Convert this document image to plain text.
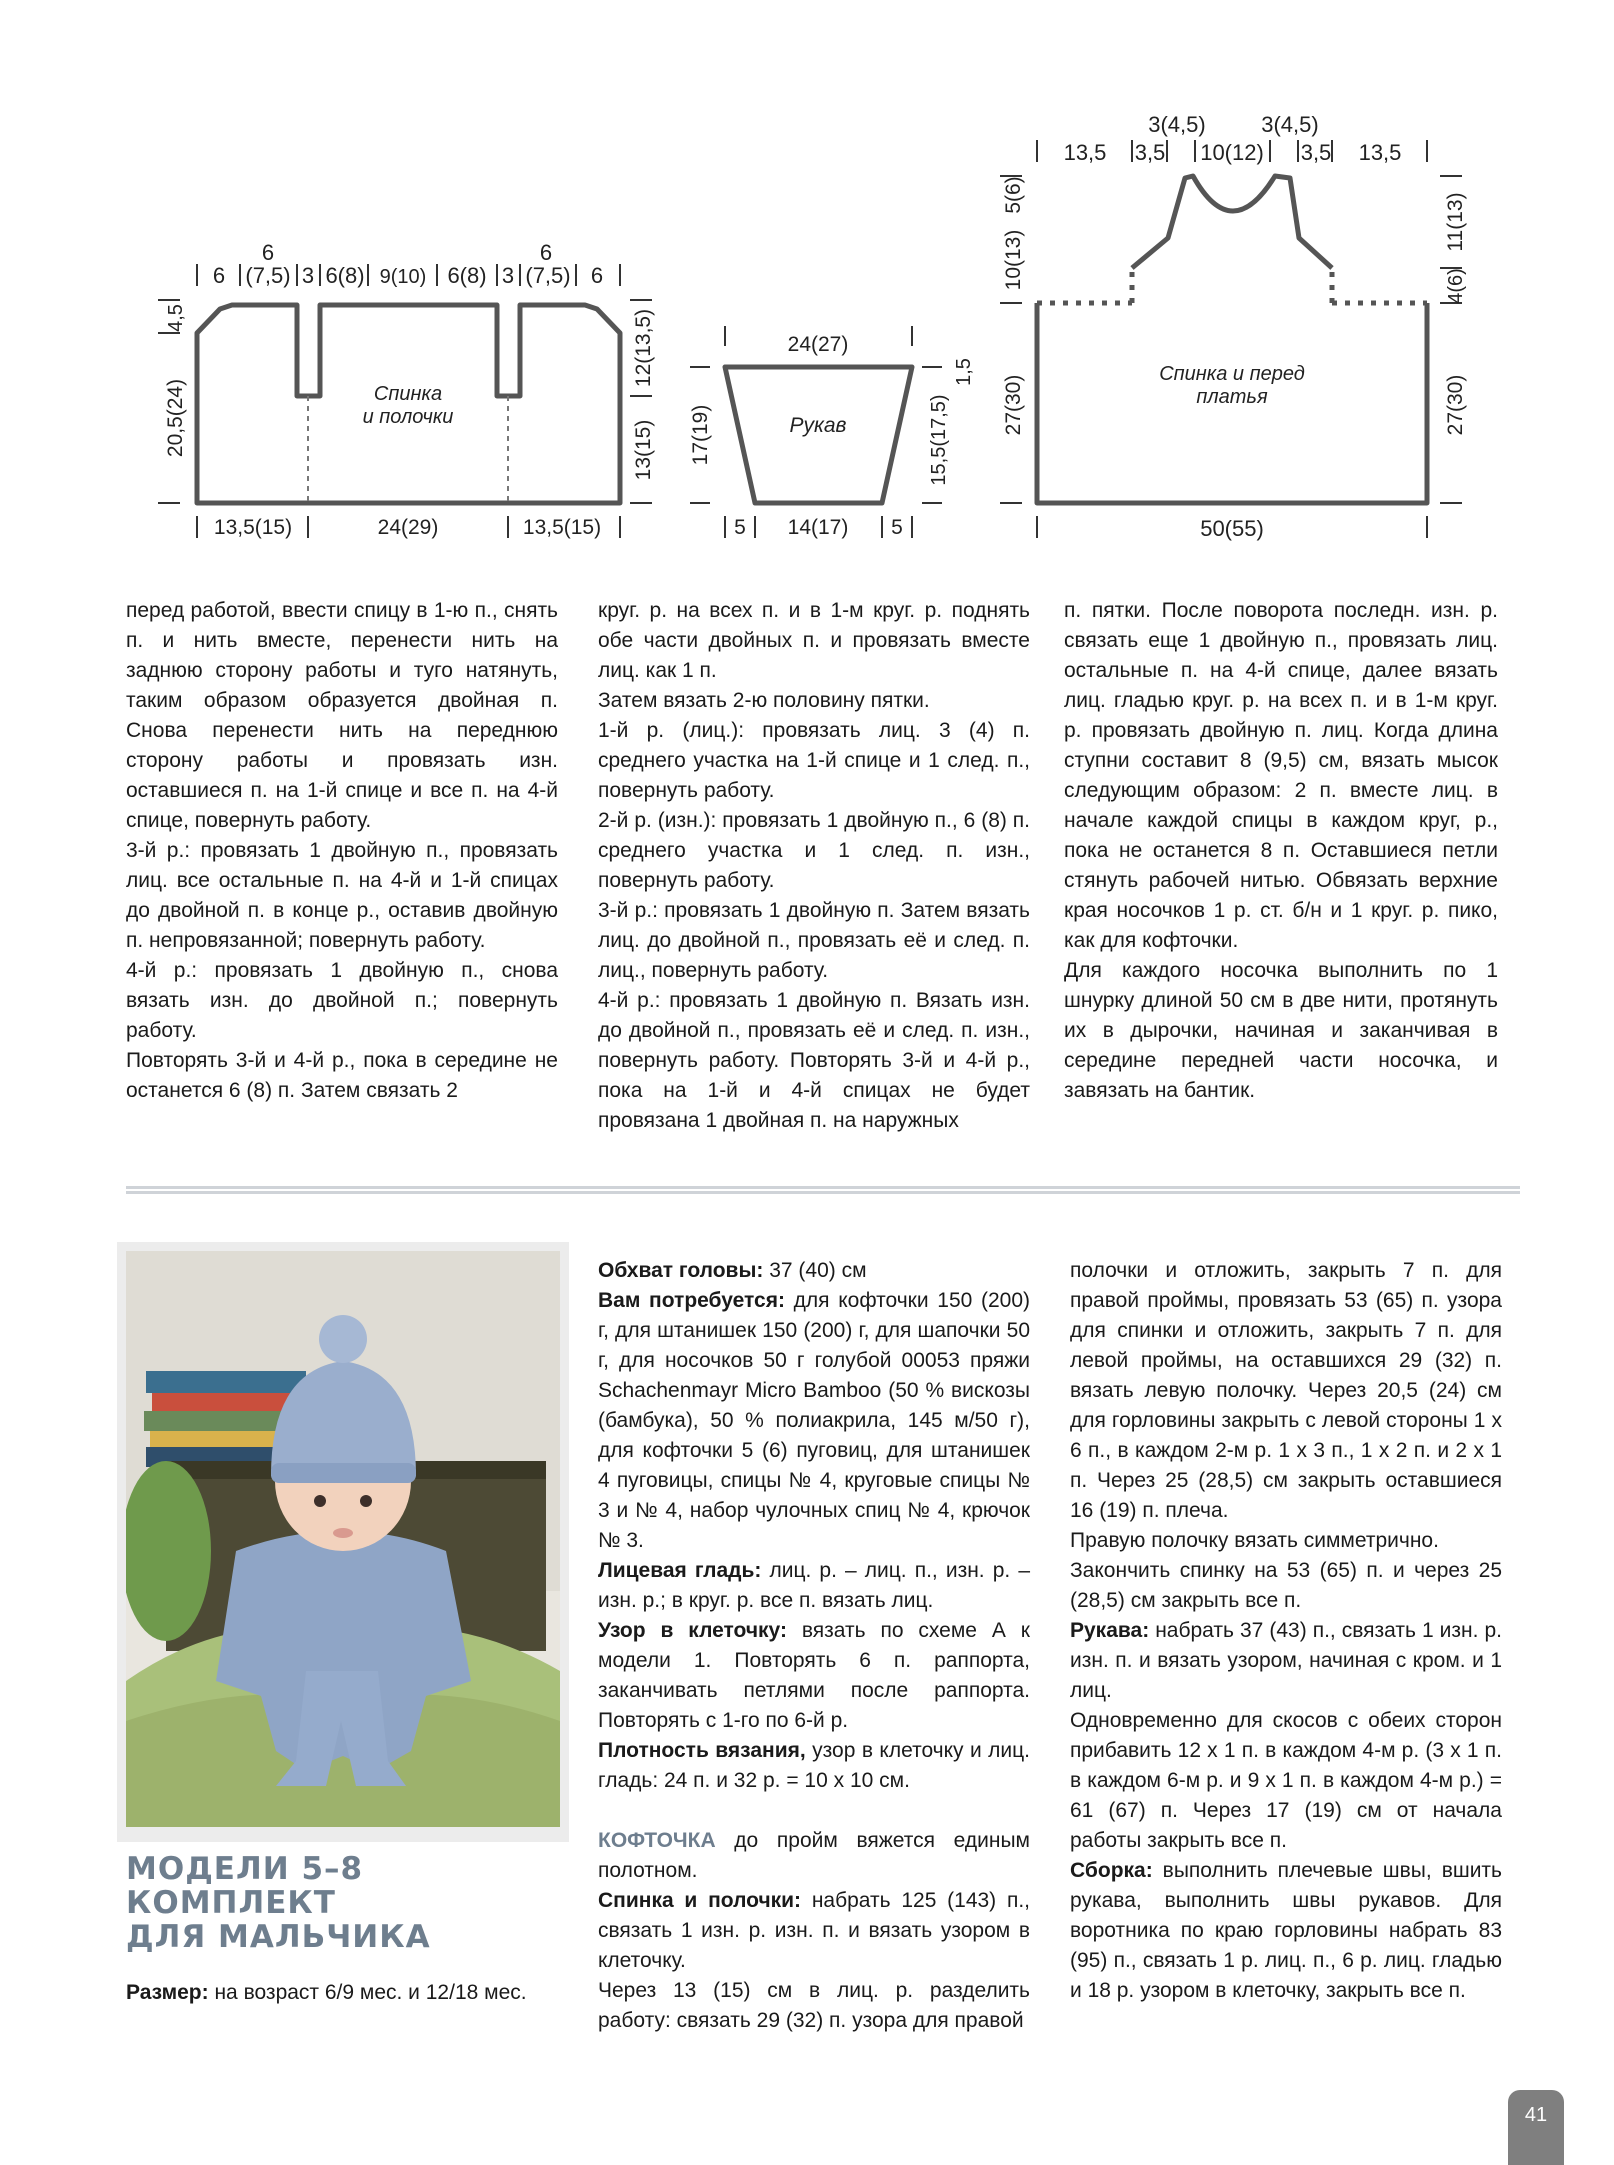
6	6
6 (7,5) 3 6(8) 9(10) 6(8) 3 (7,5) 6
Спинка
и полочки
4,5
20,5(24)
12(13,5)
13(15)
13,5(15)	24(29)	13,5(15)
24(27)
Рукав
17(19)
1,5
15,5(17,5)
5 14(17) 5
3(4,5)	3(4,5)
13,5 3,5 10(12) 3,5 13,5
Спинка и перед
платья
10(13)
5(6)
27(30)
11(13)
4(6)
27(30)
50(55)

перед работой, ввести спицу в 1-ю п., снять п. и нить вместе, перенести нить на заднюю сторону работы и туго натянуть, таким образом образуется двойная п. Снова перенести нить на переднюю сторону работы и провязать изн. оставшиеся п. на 1-й спице и все п. на 4-й спице, повернуть работу.

3-й р.: провязать 1 двойную п., провязать лиц. все остальные п. на 4-й и 1-й спицах до двойной п. в конце р., оставив двойную п. непровязанной; повернуть работу.

4-й р.: провязать 1 двойную п., снова вязать изн. до двойной п.; повернуть работу.

Повторять 3-й и 4-й р., пока в середине не останется 6 (8) п. Затем связать 2

круг. р. на всех п. и в 1-м круг. р. поднять обе части двойных п. и провязать вместе лиц. как 1 п.

Затем вязать 2-ю половину пятки.

1-й р. (лиц.): провязать лиц. 3 (4) п. среднего участка на 1-й спице и 1 след. п., повернуть работу.

2-й р. (изн.): провязать 1 двойную п., 6 (8) п. среднего участка и 1 след. п. изн., повернуть работу.

3-й р.: провязать 1 двойную п. Затем вязать лиц. до двойной п., провязать её и след. п. лиц., повернуть работу.

4-й р.: провязать 1 двойную п. Вязать изн. до двойной п., провязать её и след. п. изн., повернуть работу. Повторять 3-й и 4-й р., пока на 1-й и 4-й спицах не будет провязана 1 двойная п. на наружных

п. пятки. После поворота последн. изн. р. связать еще 1 двойную п., провязать лиц. остальные п. на 4-й спице, далее вязать лиц. гладью круг. р. на всех п. и в 1-м круг. р. провязать двойную п. лиц. Когда длина ступни составит 8 (9,5) см, вязать мысок следующим образом: 2 п. вместе лиц. в начале каждой спицы в каждом круг, р., пока не останется 8 п. Оставшиеся петли стянуть рабочей нитью. Обвязать верхние края носочков 1 р. ст. б/н и 1 круг. р. пико, как для кофточки.

Для каждого носочка выполнить по 1 шнурку длиной 50 см в две нити, протянуть их в дырочки, начиная и заканчивая в середине передней части носочка, и завязать на бантик.

МОДЕЛИ 5–8
КОМПЛЕКТ
ДЛЯ МАЛЬЧИКА
Размер: на возраст 6/9 мес. и 12/18 мес.

Обхват головы: 37 (40) см

Вам потребуется: для кофточки 150 (200) г, для штанишек 150 (200) г, для шапочки 50 г, для носочков 50 г голубой 00053 пряжи Schachenmayr Micro Bamboo (50 % вискозы (бамбука), 50 % полиакрила, 145 м/50 г), для кофточки 5 (6) пуговиц, для штанишек 4 пуговицы, спицы № 4, круговые спицы № 3 и № 4, набор чулочных спиц № 4, крючок № 3.

Лицевая гладь: лиц. р. – лиц. п., изн. р. – изн. р.; в круг. р. все п. вязать лиц.

Узор в клеточку: вязать по схеме А к модели 1. Повторять 6 п. раппорта, заканчивать петлями после раппорта. Повторять с 1-го по 6-й р.

Плотность вязания, узор в клеточку и лиц. гладь: 24 п. и 32 р. = 10 х 10 см.

КОФТОЧКА до пройм вяжется единым полотном.

Спинка и полочки: набрать 125 (143) п., связать 1 изн. р. изн. п. и вязать узором в клеточку.

Через 13 (15) см в лиц. р. разделить работу: связать 29 (32) п. узора для правой

полочки и отложить, закрыть 7 п. для правой проймы, провязать 53 (65) п. узора для спинки и отложить, закрыть 7 п. для левой проймы, на оставшихся 29 (32) п. вязать левую полочку. Через 20,5 (24) см для горловины закрыть с левой стороны 1 х 6 п., в каждом 2-м р. 1 х 3 п., 1 х 2 п. и 2 х 1 п. Через 25 (28,5) см закрыть оставшиеся 16 (19) п. плеча.

Правую полочку вязать симметрично.

Закончить спинку на 53 (65) п. и через 25 (28,5) см закрыть все п.

Рукава: набрать 37 (43) п., связать 1 изн. р. изн. п. и вязать узором, начиная с кром. и 1 лиц.

Одновременно для скосов с обеих сторон прибавить 12 х 1 п. в каждом 4-м р. (3 х 1 п. в каждом 6-м р. и 9 х 1 п. в каждом 4-м р.) = 61 (67) п. Через 17 (19) см от начала работы закрыть все п.

Сборка: выполнить плечевые швы, вшить рукава, выполнить швы рукавов. Для воротника по краю горловины набрать 83 (95) п., связать 1 р. лиц. п., 6 р. лиц. гладью и 18 р. узором в клеточку, закрыть все п.

41
